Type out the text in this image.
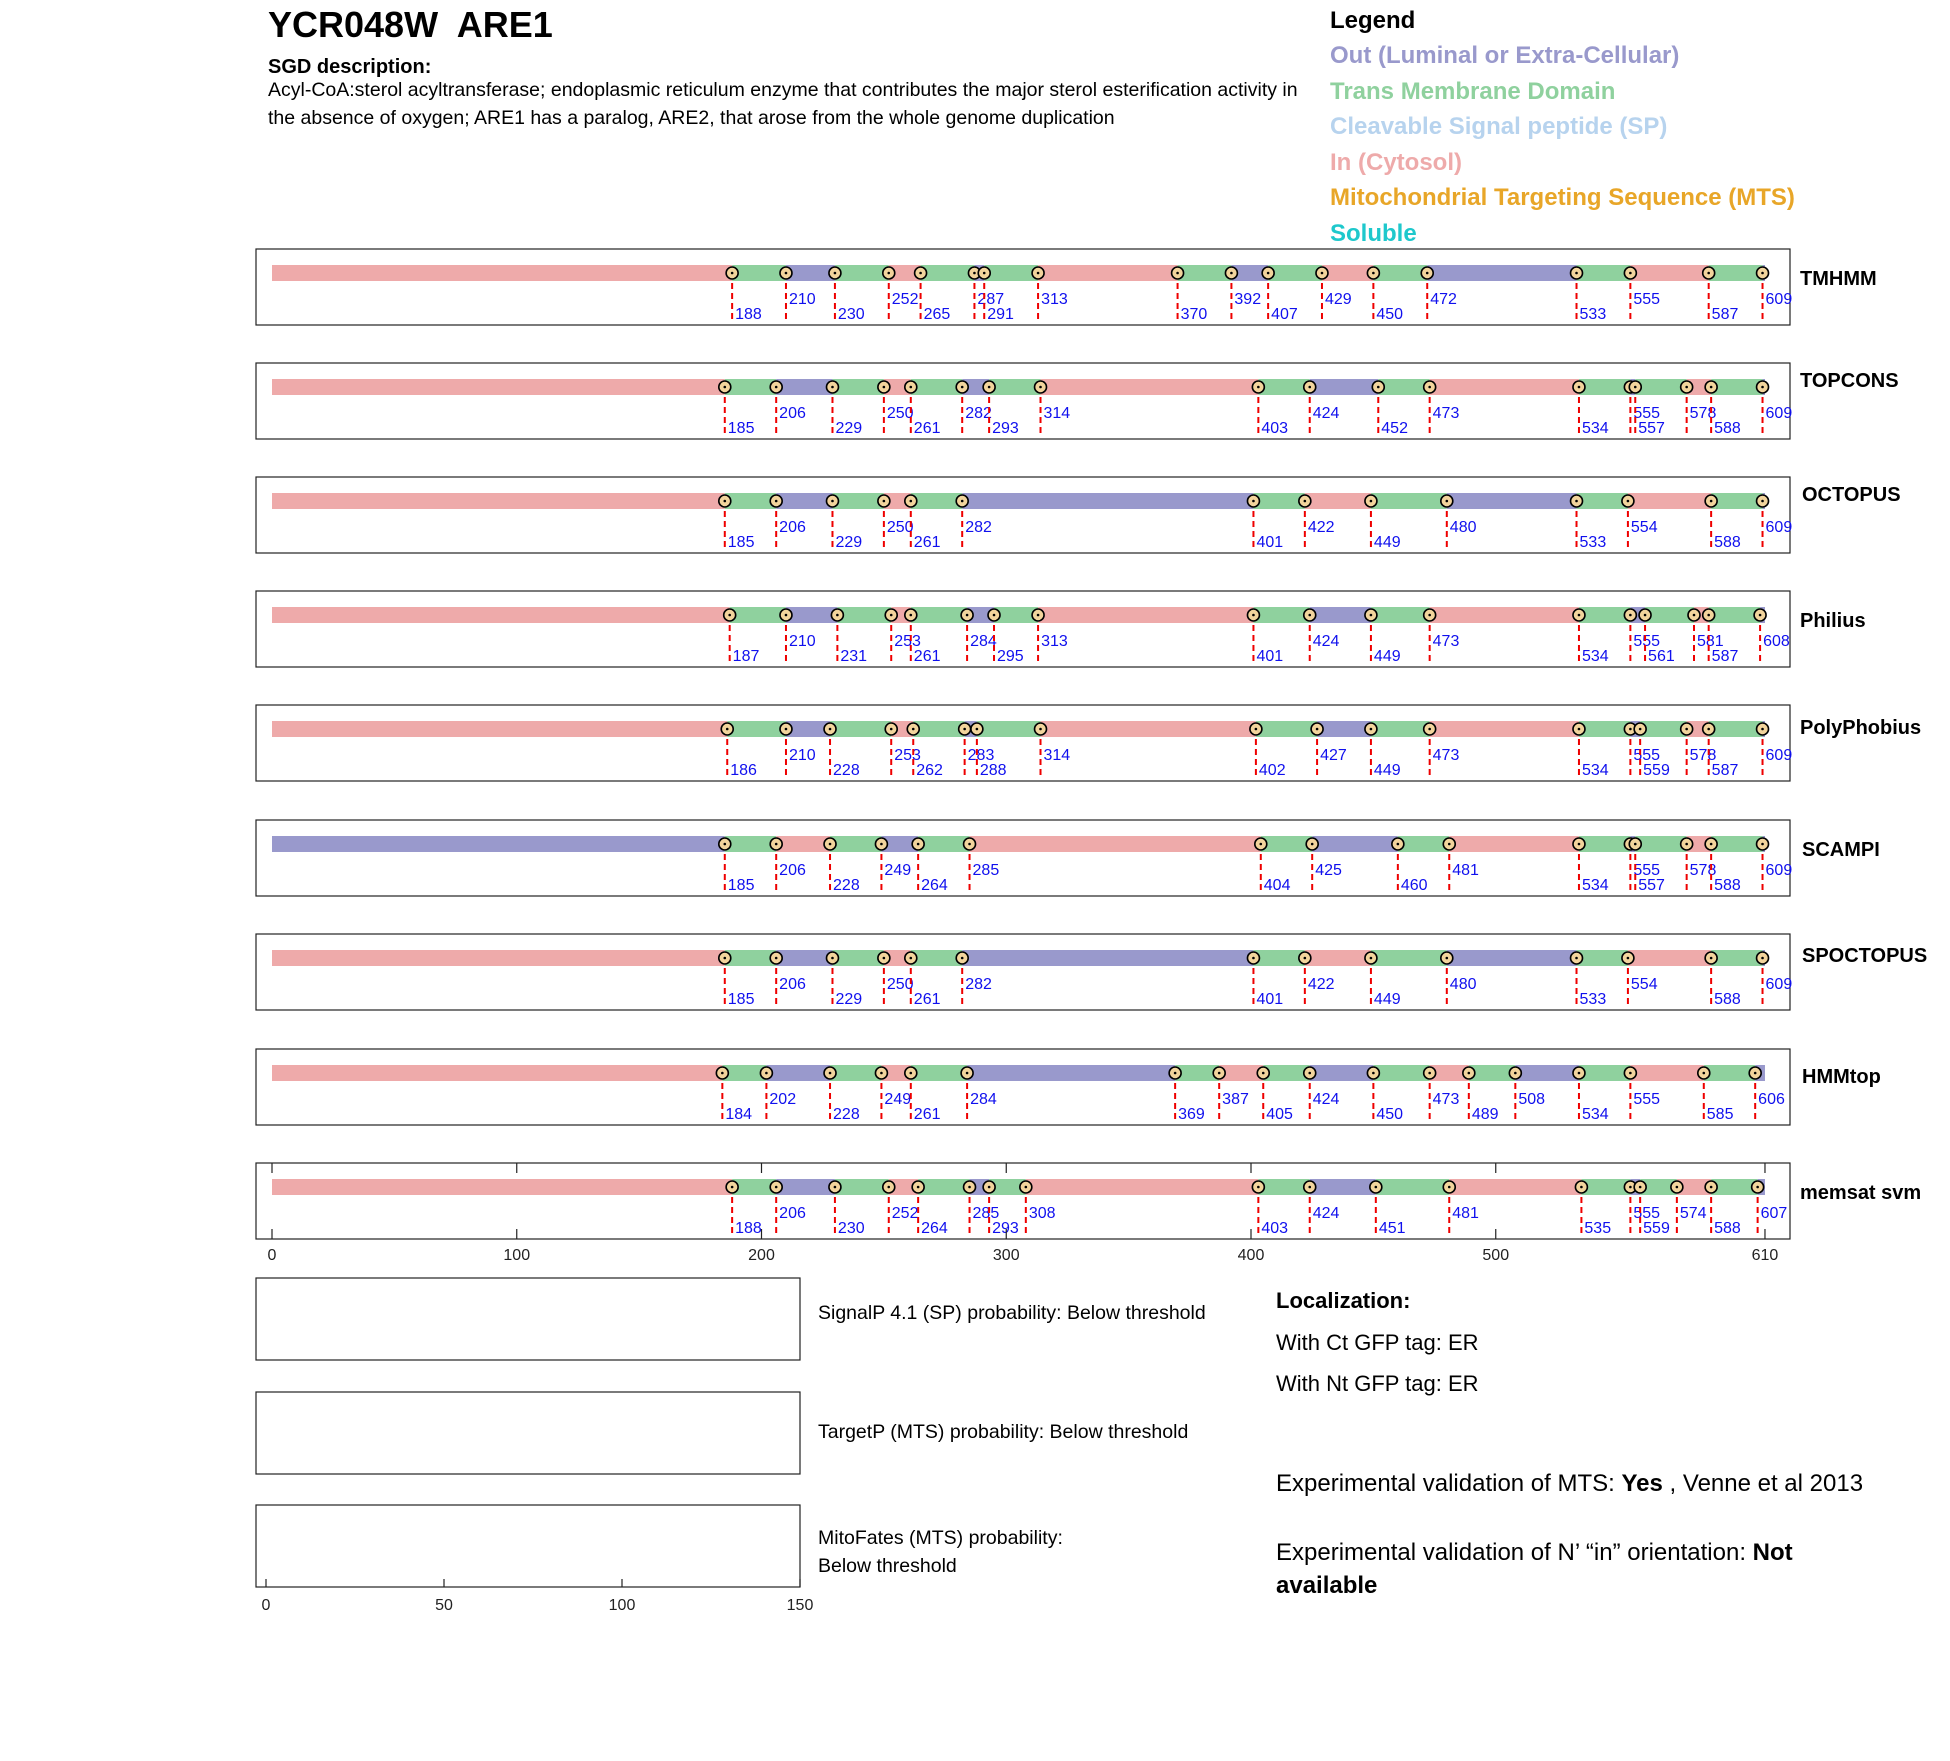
YCR048W  ARE1
SGD description:
Acyl-CoA:sterol acyltransferase; endoplasmic reticulum enzyme that contributes the major sterol esterification activity in the absence of oxygen; ARE1 has a paralog, ARE2, that arose from the whole genome duplication
Legend
Out (Luminal or Extra-Cellular)
Trans Membrane Domain
Cleavable Signal peptide (SP)
In (Cytosol)
Mitochondrial Targeting Sequence (MTS)
Soluble
188
210
230
252
265
287
291
313
370
392
407
429
450
472
533
555
587
609
TMHMM
185
206
229
250
261
282
293
314
403
424
452
473
534
555
557
578
588
609
TOPCONS
185
206
229
250
261
282
401
422
449
480
533
554
588
609
OCTOPUS
187
210
231
253
261
284
295
313
401
424
449
473
534
555
561
581
587
608
Philius
186
210
228
253
262
283
288
314
402
427
449
473
534
555
559
578
587
609
PolyPhobius
185
206
228
249
264
285
404
425
460
481
534
555
557
578
588
609
SCAMPI
185
206
229
250
261
282
401
422
449
480
533
554
588
609
SPOCTOPUS
184
202
228
249
261
284
369
387
405
424
450
473
489
508
534
555
585
606
HMMtop
188
206
230
252
264
285
293
308
403
424
451
481
535
555
559
574
588
607
memsat svm
0	100	200	300	400	500	610
0	50	100	150
SignalP 4.1 (SP) probability: Below threshold
TargetP (MTS) probability: Below threshold
MitoFates (MTS) probability: Below threshold
Localization:
With Ct GFP tag: ER
With Nt GFP tag: ER
Experimental validation of MTS: Yes , Venne et al 2013
Experimental validation of N’ “in” orientation: Not available
